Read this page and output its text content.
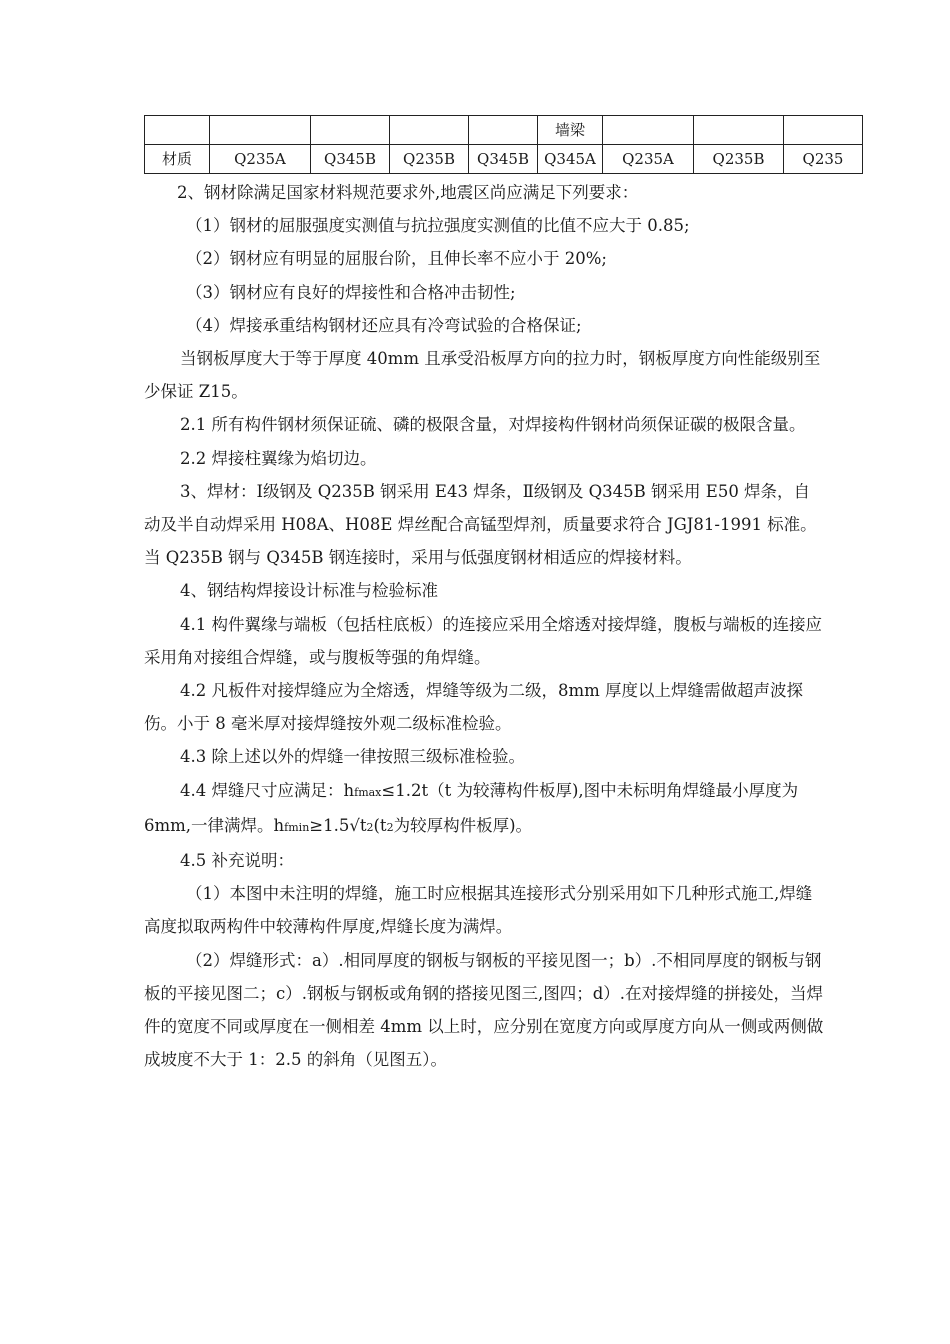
					墙梁			
材质	Q235A	Q345B	Q235B	Q345B	Q345A	Q235A	Q235B	Q235

2、钢材除满足国家材料规范要求外,地震区尚应满足下列要求：

（1）钢材的屈服强度实测值与抗拉强度实测值的比值不应大于 0.85;

（2）钢材应有明显的屈服台阶，且伸长率不应小于 20%;

（3）钢材应有良好的焊接性和合格冲击韧性;

（4）焊接承重结构钢材还应具有冷弯试验的合格保证;

当钢板厚度大于等于厚度 40mm 且承受沿板厚方向的拉力时，钢板厚度方向性能级别至少保证 Z15。

2.1 所有构件钢材须保证硫、磷的极限含量，对焊接构件钢材尚须保证碳的极限含量。

2.2 焊接柱翼缘为焰切边。

3、焊材：Ⅰ级钢及 Q235B 钢采用 E43 焊条，Ⅱ级钢及 Q345B 钢采用 E50 焊条，自动及半自动焊采用 H08A、H08E 焊丝配合高锰型焊剂，质量要求符合 JGJ81-1991 标准。当 Q235B 钢与 Q345B 钢连接时，采用与低强度钢材相适应的焊接材料。

4、钢结构焊接设计标准与检验标准

4.1 构件翼缘与端板（包括柱底板）的连接应采用全熔透对接焊缝，腹板与端板的连接应采用角对接组合焊缝，或与腹板等强的角焊缝。

4.2 凡板件对接焊缝应为全熔透，焊缝等级为二级，8mm 厚度以上焊缝需做超声波探伤。小于 8 毫米厚对接焊缝按外观二级标准检验。

4.3 除上述以外的焊缝一律按照三级标准检验。

4.4 焊缝尺寸应满足：hfmax≤1.2t（t 为较薄构件板厚),图中未标明角焊缝最小厚度为 6mm,一律满焊。hfmin≥1.5√t2(t2为较厚构件板厚)。

4.5 补充说明：

（1）本图中未注明的焊缝，施工时应根据其连接形式分别采用如下几种形式施工,焊缝高度拟取两构件中较薄构件厚度,焊缝长度为满焊。

（2）焊缝形式：a）.相同厚度的钢板与钢板的平接见图一；b）.不相同厚度的钢板与钢板的平接见图二；c）.钢板与钢板或角钢的搭接见图三,图四；d）.在对接焊缝的拼接处，当焊件的宽度不同或厚度在一侧相差 4mm 以上时，应分别在宽度方向或厚度方向从一侧或两侧做成坡度不大于 1：2.5 的斜角（见图五）。
